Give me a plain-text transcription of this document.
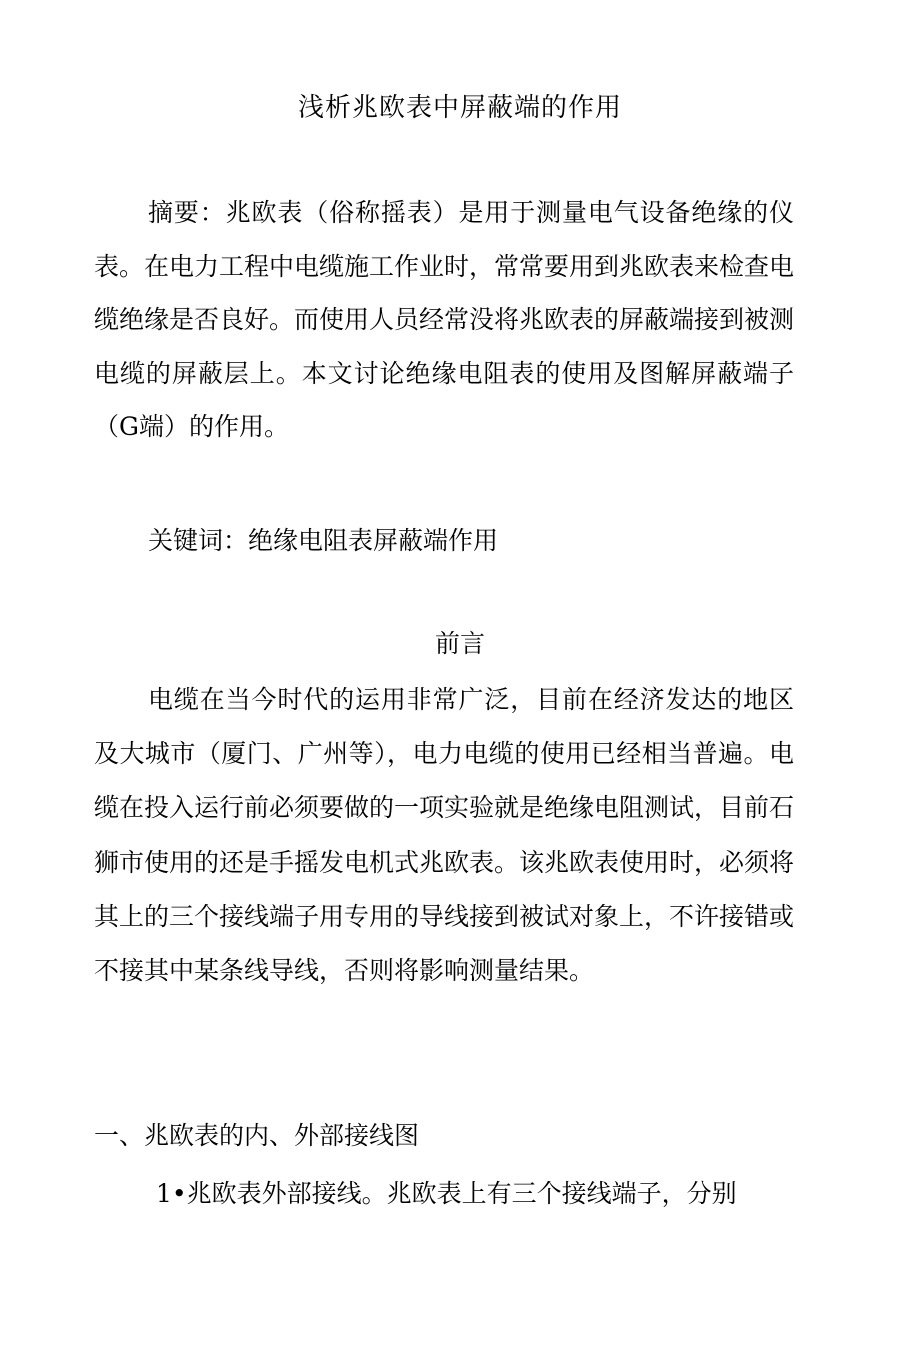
浅析兆欧表中屏蔽端的作用

摘要：兆欧表（俗称摇表）是用于测量电气设备绝缘的仪表。在电力工程中电缆施工作业时，常常要用到兆欧表来检查电缆绝缘是否良好。而使用人员经常没将兆欧表的屏蔽端接到被测电缆的屏蔽层上。本文讨论绝缘电阻表的使用及图解屏蔽端子（G端）的作用。

关键词：绝缘电阻表屏蔽端作用

前言

电缆在当今时代的运用非常广泛，目前在经济发达的地区及大城市（厦门、广州等），电力电缆的使用已经相当普遍。电缆在投入运行前必须要做的一项实验就是绝缘电阻测试，目前石狮市使用的还是手摇发电机式兆欧表。该兆欧表使用时，必须将其上的三个接线端子用专用的导线接到被试对象上，不许接错或不接其中某条线导线，否则将影响测量结果。

一、兆欧表的内、外部接线图

1•兆欧表外部接线。兆欧表上有三个接线端子，分别
